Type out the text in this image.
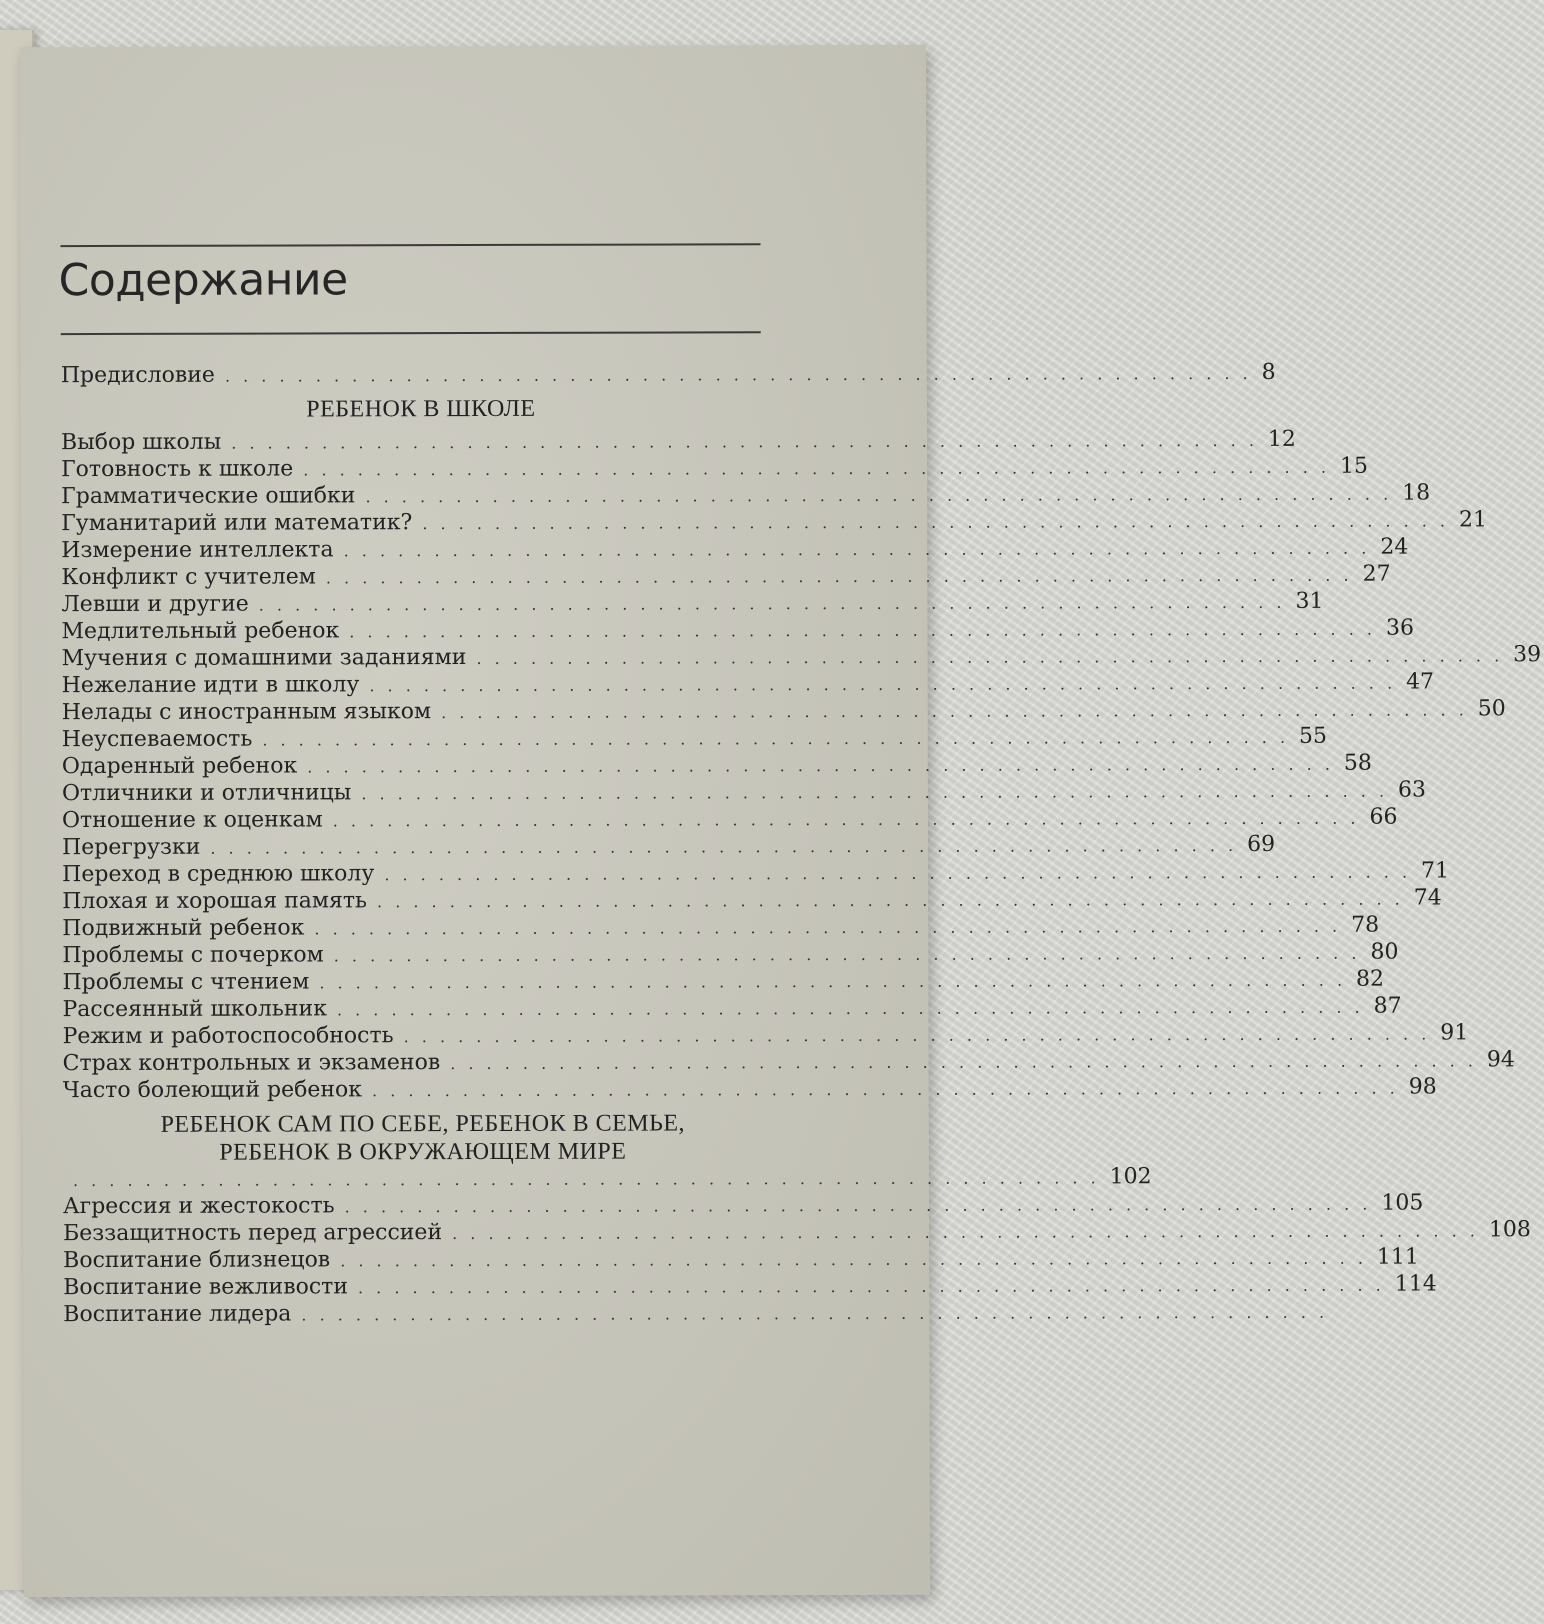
Содержание
Предисловие . . . . . . . . . . . . . . . . . . . . . . . . . . . . . . . . . . . . . . . . . . . . . . . . . . . . . . . . . 8
РЕБЕНОК В ШКОЛЕ
Выбор школы . . . . . . . . . . . . . . . . . . . . . . . . . . . . . . . . . . . . . . . . . . . . . . . . . . . . . . . . . 12
Готовность к школе . . . . . . . . . . . . . . . . . . . . . . . . . . . . . . . . . . . . . . . . . . . . . . . . . . . . . . . . . 15
Грамматические ошибки . . . . . . . . . . . . . . . . . . . . . . . . . . . . . . . . . . . . . . . . . . . . . . . . . . . . . . . . . 18
Гуманитарий или математик? . . . . . . . . . . . . . . . . . . . . . . . . . . . . . . . . . . . . . . . . . . . . . . . . . . . . . . . . . 21
Измерение интеллекта . . . . . . . . . . . . . . . . . . . . . . . . . . . . . . . . . . . . . . . . . . . . . . . . . . . . . . . . . 24
Конфликт с учителем . . . . . . . . . . . . . . . . . . . . . . . . . . . . . . . . . . . . . . . . . . . . . . . . . . . . . . . . . 27
Левши и другие . . . . . . . . . . . . . . . . . . . . . . . . . . . . . . . . . . . . . . . . . . . . . . . . . . . . . . . . . 31
Медлительный ребенок . . . . . . . . . . . . . . . . . . . . . . . . . . . . . . . . . . . . . . . . . . . . . . . . . . . . . . . . . 36
Мучения с домашними заданиями . . . . . . . . . . . . . . . . . . . . . . . . . . . . . . . . . . . . . . . . . . . . . . . . . . . . . . . . . 39
Нежелание идти в школу . . . . . . . . . . . . . . . . . . . . . . . . . . . . . . . . . . . . . . . . . . . . . . . . . . . . . . . . . 47
Нелады с иностранным языком . . . . . . . . . . . . . . . . . . . . . . . . . . . . . . . . . . . . . . . . . . . . . . . . . . . . . . . . . 50
Неуспеваемость . . . . . . . . . . . . . . . . . . . . . . . . . . . . . . . . . . . . . . . . . . . . . . . . . . . . . . . . . 55
Одаренный ребенок . . . . . . . . . . . . . . . . . . . . . . . . . . . . . . . . . . . . . . . . . . . . . . . . . . . . . . . . . 58
Отличники и отличницы . . . . . . . . . . . . . . . . . . . . . . . . . . . . . . . . . . . . . . . . . . . . . . . . . . . . . . . . . 63
Отношение к оценкам . . . . . . . . . . . . . . . . . . . . . . . . . . . . . . . . . . . . . . . . . . . . . . . . . . . . . . . . . 66
Перегрузки . . . . . . . . . . . . . . . . . . . . . . . . . . . . . . . . . . . . . . . . . . . . . . . . . . . . . . . . . 69
Переход в среднюю школу . . . . . . . . . . . . . . . . . . . . . . . . . . . . . . . . . . . . . . . . . . . . . . . . . . . . . . . . . 71
Плохая и хорошая память . . . . . . . . . . . . . . . . . . . . . . . . . . . . . . . . . . . . . . . . . . . . . . . . . . . . . . . . . 74
Подвижный ребенок . . . . . . . . . . . . . . . . . . . . . . . . . . . . . . . . . . . . . . . . . . . . . . . . . . . . . . . . . 78
Проблемы с почерком . . . . . . . . . . . . . . . . . . . . . . . . . . . . . . . . . . . . . . . . . . . . . . . . . . . . . . . . . 80
Проблемы с чтением . . . . . . . . . . . . . . . . . . . . . . . . . . . . . . . . . . . . . . . . . . . . . . . . . . . . . . . . . 82
Рассеянный школьник . . . . . . . . . . . . . . . . . . . . . . . . . . . . . . . . . . . . . . . . . . . . . . . . . . . . . . . . . 87
Режим и работоспособность . . . . . . . . . . . . . . . . . . . . . . . . . . . . . . . . . . . . . . . . . . . . . . . . . . . . . . . . . 91
Страх контрольных и экзаменов . . . . . . . . . . . . . . . . . . . . . . . . . . . . . . . . . . . . . . . . . . . . . . . . . . . . . . . . . 94
Часто болеющий ребенок . . . . . . . . . . . . . . . . . . . . . . . . . . . . . . . . . . . . . . . . . . . . . . . . . . . . . . . . . 98
РЕБЕНОК САМ ПО СЕБЕ, РЕБЕНОК В СЕМЬЕ,
РЕБЕНОК В ОКРУЖАЮЩЕМ МИРЕ
. . . . . . . . . . . . . . . . . . . . . . . . . . . . . . . . . . . . . . . . . . . . . . . . . . . . . . . . . 102
Агрессия и жестокость . . . . . . . . . . . . . . . . . . . . . . . . . . . . . . . . . . . . . . . . . . . . . . . . . . . . . . . . . 105
Беззащитность перед агрессией . . . . . . . . . . . . . . . . . . . . . . . . . . . . . . . . . . . . . . . . . . . . . . . . . . . . . . . . . 108
Воспитание близнецов . . . . . . . . . . . . . . . . . . . . . . . . . . . . . . . . . . . . . . . . . . . . . . . . . . . . . . . . . 111
Воспитание вежливости . . . . . . . . . . . . . . . . . . . . . . . . . . . . . . . . . . . . . . . . . . . . . . . . . . . . . . . . . 114
Воспитание лидера . . . . . . . . . . . . . . . . . . . . . . . . . . . . . . . . . . . . . . . . . . . . . . . . . . . . . . . . .
